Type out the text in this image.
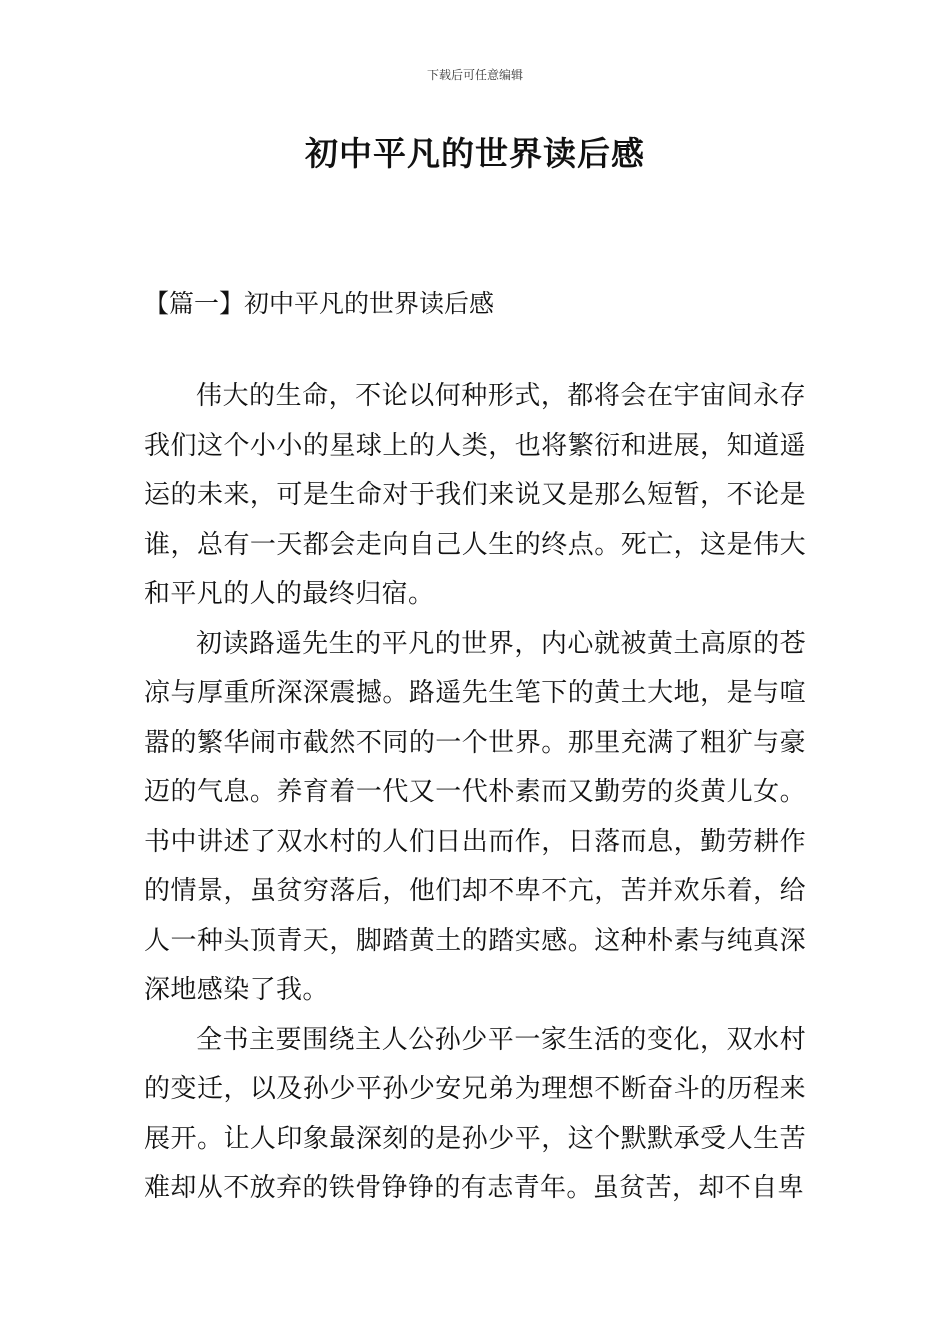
下载后可任意编辑
初中平凡的世界读后感
【篇一】初中平凡的世界读后感

伟大的生命，不论以何种形式，都将会在宇宙间永存我们这个小小的星球上的人类，也将繁衍和进展，知道遥运的未来，可是生命对于我们来说又是那么短暂，不论是谁，总有一天都会走向自己人生的终点。死亡，这是伟大和平凡的人的最终归宿。

初读路遥先生的平凡的世界，内心就被黄土高原的苍凉与厚重所深深震撼。路遥先生笔下的黄土大地，是与喧嚣的繁华闹市截然不同的一个世界。那里充满了粗犷与豪迈的气息。养育着一代又一代朴素而又勤劳的炎黄儿女。书中讲述了双水村的人们日出而作，日落而息，勤劳耕作的情景，虽贫穷落后，他们却不卑不亢，苦并欢乐着，给人一种头顶青天，脚踏黄土的踏实感。这种朴素与纯真深深地感染了我。

全书主要围绕主人公孙少平一家生活的变化，双水村的变迁，以及孙少平孙少安兄弟为理想不断奋斗的历程来展开。让人印象最深刻的是孙少平，这个默默承受人生苦难却从不放弃的铁骨铮铮的有志青年。虽贫苦，却不自卑
